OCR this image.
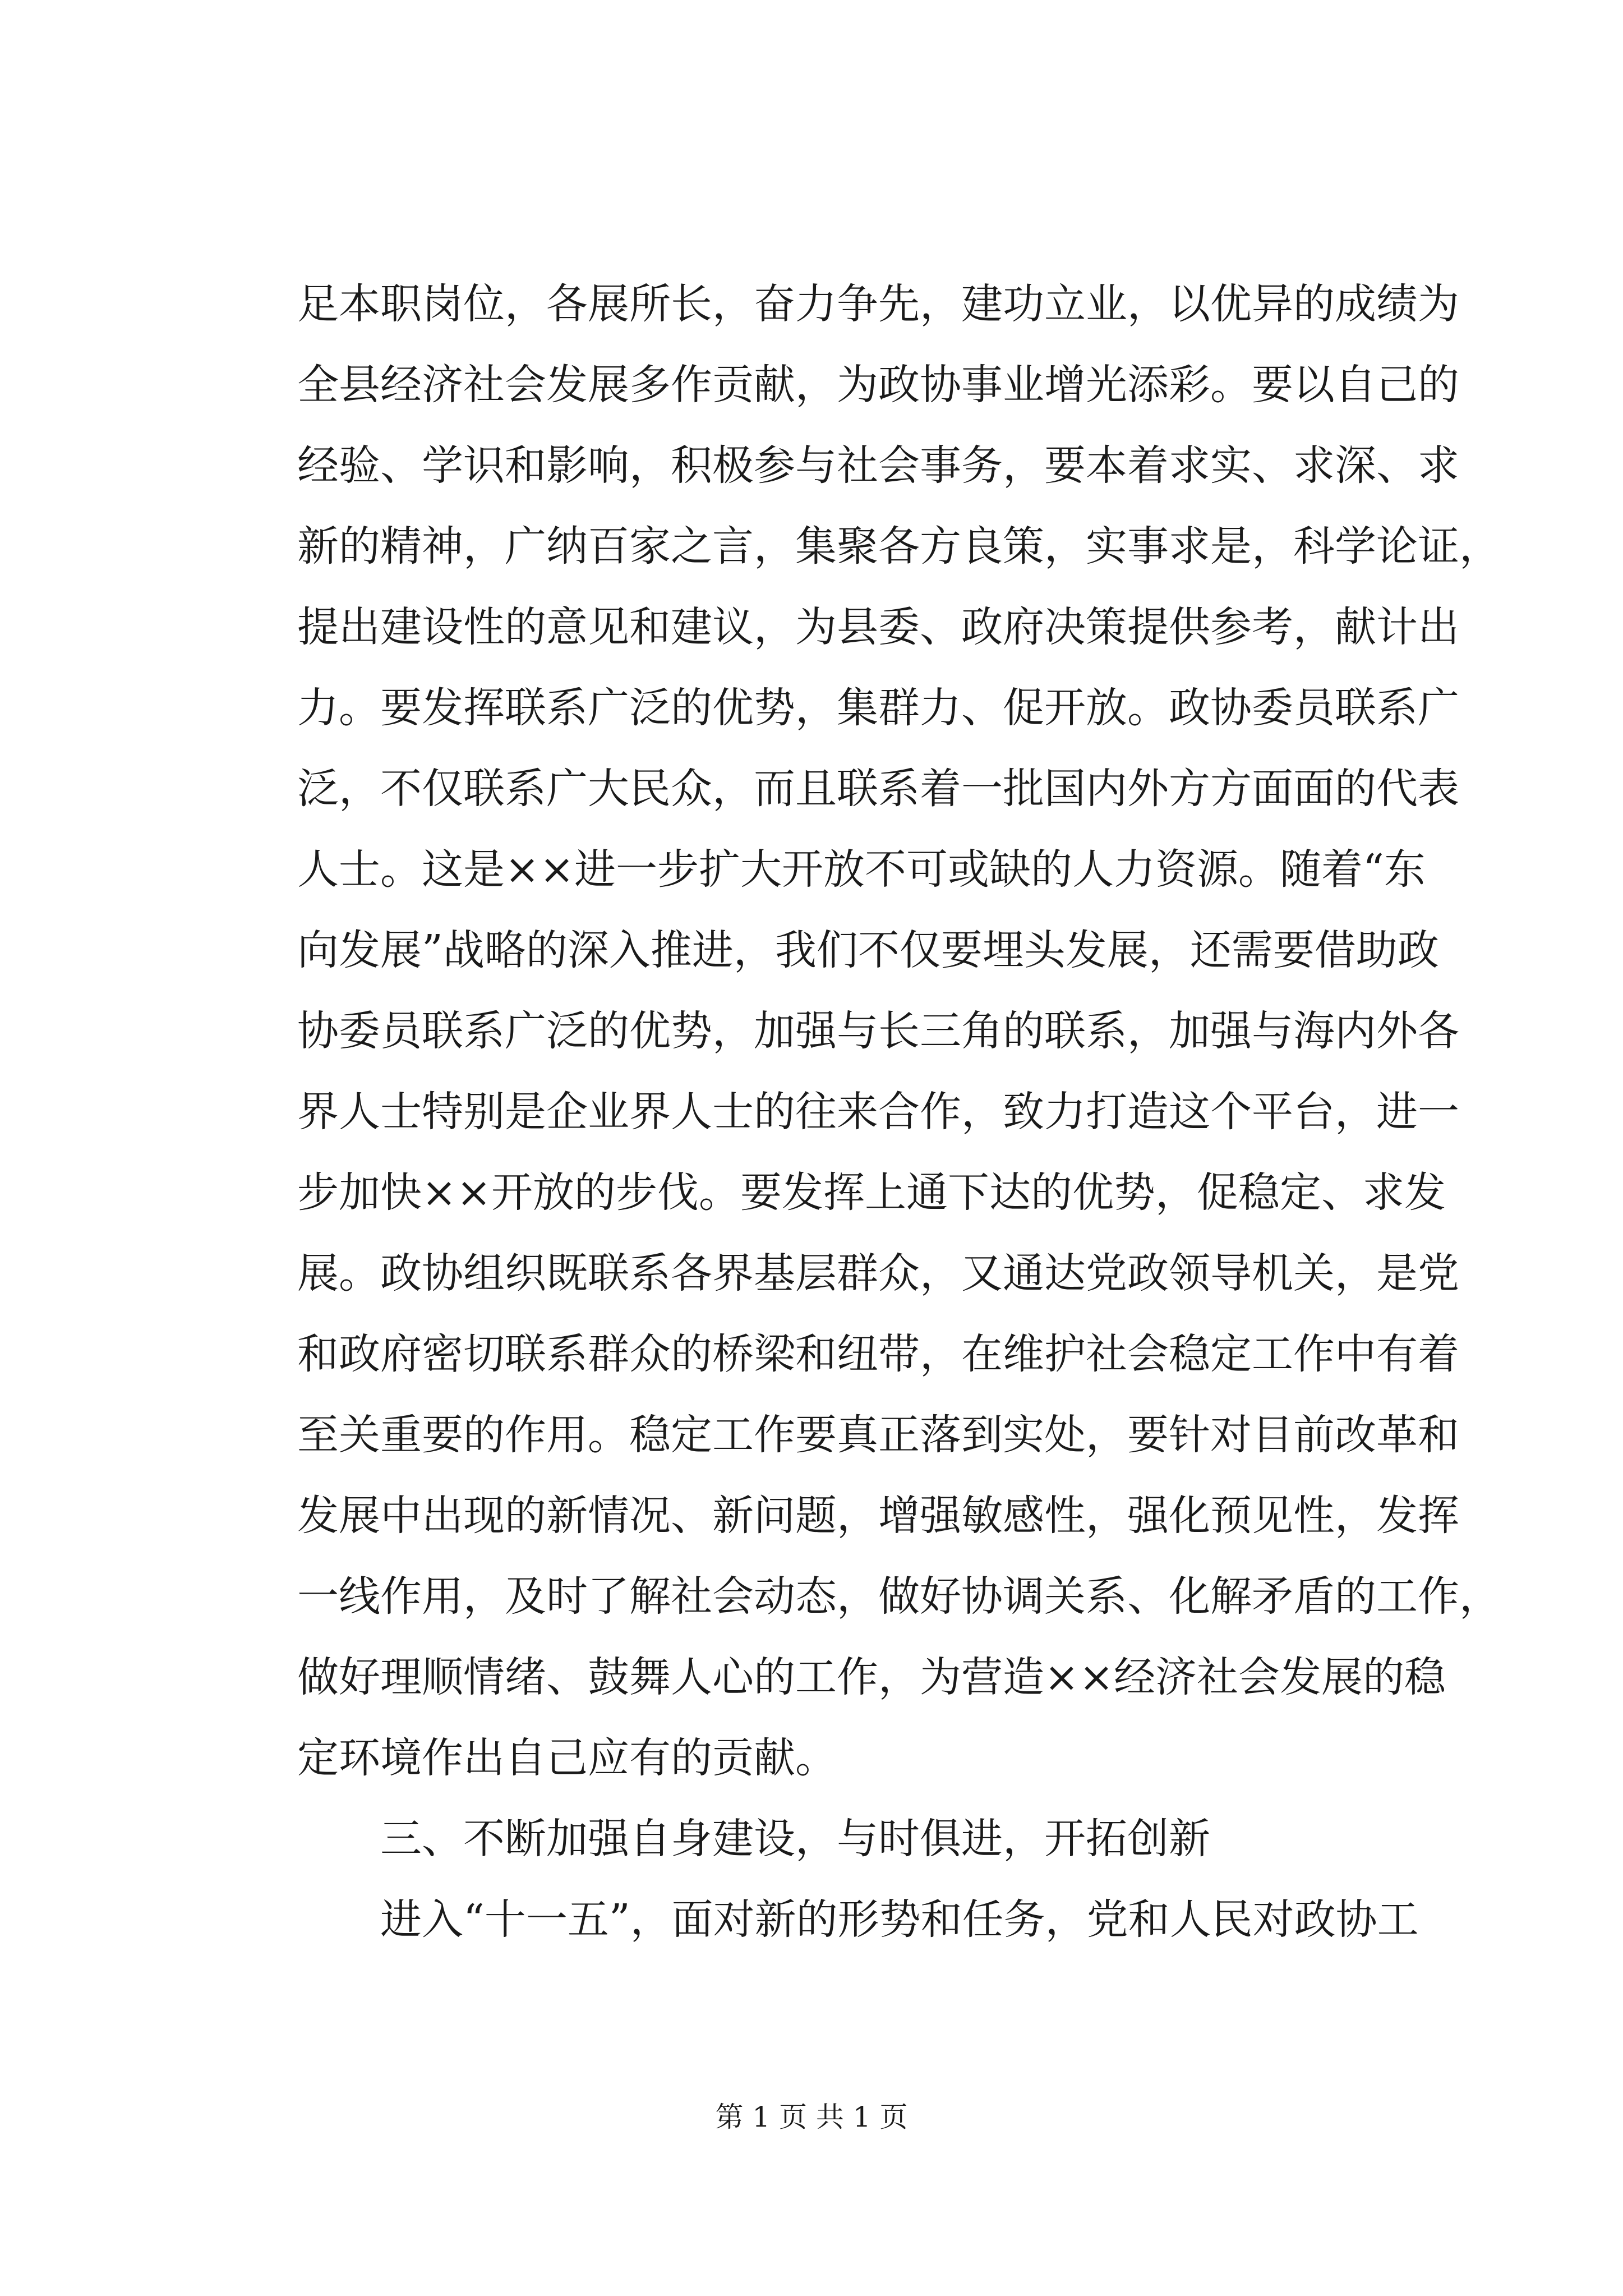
足本职岗位，各展所长，奋力争先，建功立业，以优异的成绩为
全县经济社会发展多作贡献，为政协事业增光添彩。要以自己的
经验、学识和影响，积极参与社会事务，要本着求实、求深、求
新的精神，广纳百家之言，集聚各方良策，实事求是，科学论证，
提出建设性的意见和建议，为县委、政府决策提供参考，献计出
力。要发挥联系广泛的优势，集群力、促开放。政协委员联系广
泛，不仅联系广大民众，而且联系着一批国内外方方面面的代表
人士。这是××进一步扩大开放不可或缺的人力资源。随着“东
向发展”战略的深入推进，我们不仅要埋头发展，还需要借助政
协委员联系广泛的优势，加强与长三角的联系，加强与海内外各
界人士特别是企业界人士的往来合作，致力打造这个平台，进一
步加快××开放的步伐。要发挥上通下达的优势，促稳定、求发
展。政协组织既联系各界基层群众，又通达党政领导机关，是党
和政府密切联系群众的桥梁和纽带，在维护社会稳定工作中有着
至关重要的作用。稳定工作要真正落到实处，要针对目前改革和
发展中出现的新情况、新问题，增强敏感性，强化预见性，发挥
一线作用，及时了解社会动态，做好协调关系、化解矛盾的工作，
做好理顺情绪、鼓舞人心的工作，为营造××经济社会发展的稳
定环境作出自己应有的贡献。
三、不断加强自身建设，与时俱进，开拓创新
进入“十一五”，面对新的形势和任务，党和人民对政协工
第 1 页 共 1 页
